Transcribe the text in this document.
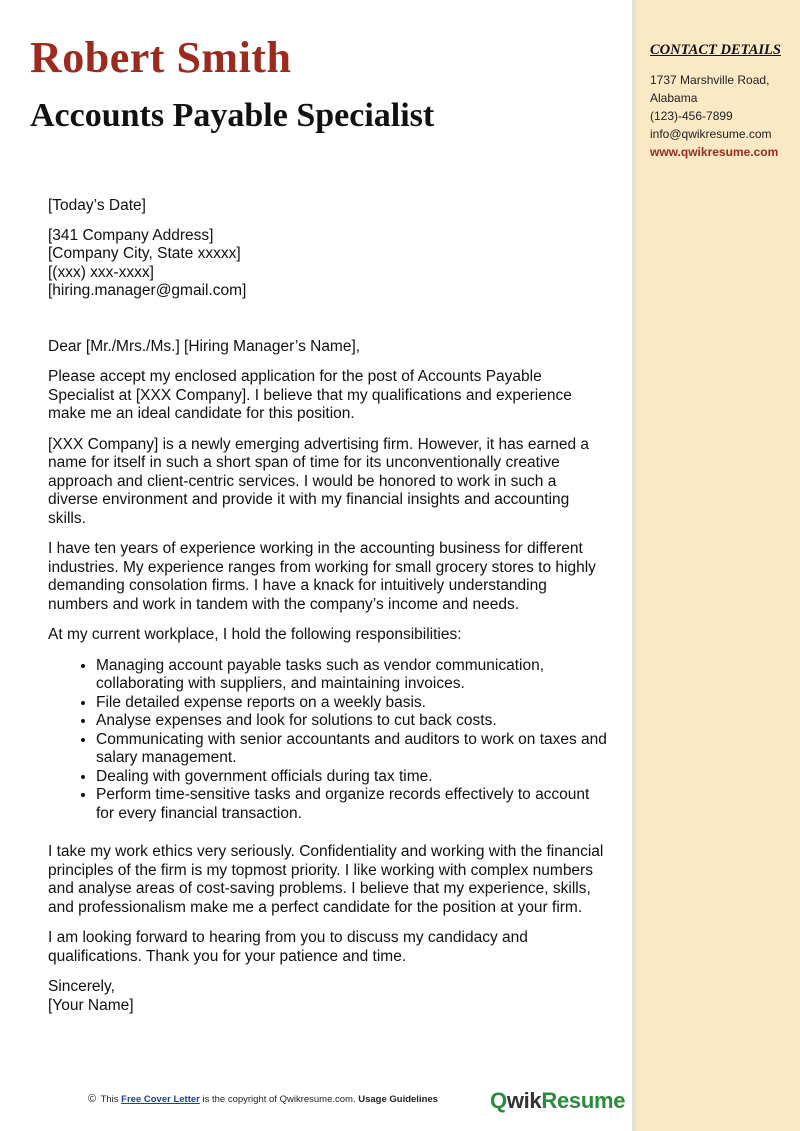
CONTACT DETAILS
1737 Marshville Road,
Alabama
(123)-456-7899
info@qwikresume.com
www.qwikresume.com
Robert Smith
Accounts Payable Specialist

[Today’s Date]

[341 Company Address]

[Company City, State xxxxx]

[(xxx) xxx-xxxx]

[hiring.manager@gmail.com]

Dear [Mr./Mrs./Ms.] [Hiring Manager’s Name],

Please accept my enclosed application for the post of Accounts Payable Specialist at [XXX Company]. I believe that my qualifications and experience make me an ideal candidate for this position.

[XXX Company] is a newly emerging advertising firm. However, it has earned a name for itself in such a short span of time for its unconventionally creative approach and client-centric services. I would be honored to work in such a diverse environment and provide it with my financial insights and accounting skills.

I have ten years of experience working in the accounting business for different industries. My experience ranges from working for small grocery stores to highly demanding consolation firms. I have a knack for intuitively understanding numbers and work in tandem with the company’s income and needs.

At my current workplace, I hold the following responsibilities:

• Managing account payable tasks such as vendor communication, collaborating with suppliers, and maintaining invoices.
• File detailed expense reports on a weekly basis.
• Analyse expenses and look for solutions to cut back costs.
• Communicating with senior accountants and auditors to work on taxes and salary management.
• Dealing with government officials during tax time.
• Perform time-sensitive tasks and organize records effectively to account for every financial transaction.

I take my work ethics very seriously. Confidentiality and working with the financial principles of the firm is my topmost priority. I like working with complex numbers and analyse areas of cost-saving problems. I believe that my experience, skills, and professionalism make me a perfect candidate for the position at your firm.

I am looking forward to hearing from you to discuss my candidacy and qualifications. Thank you for your patience and time.

Sincerely,

[Your Name]

© This Free Cover Letter is the copyright of Qwikresume.com. Usage Guidelines QwikResume
